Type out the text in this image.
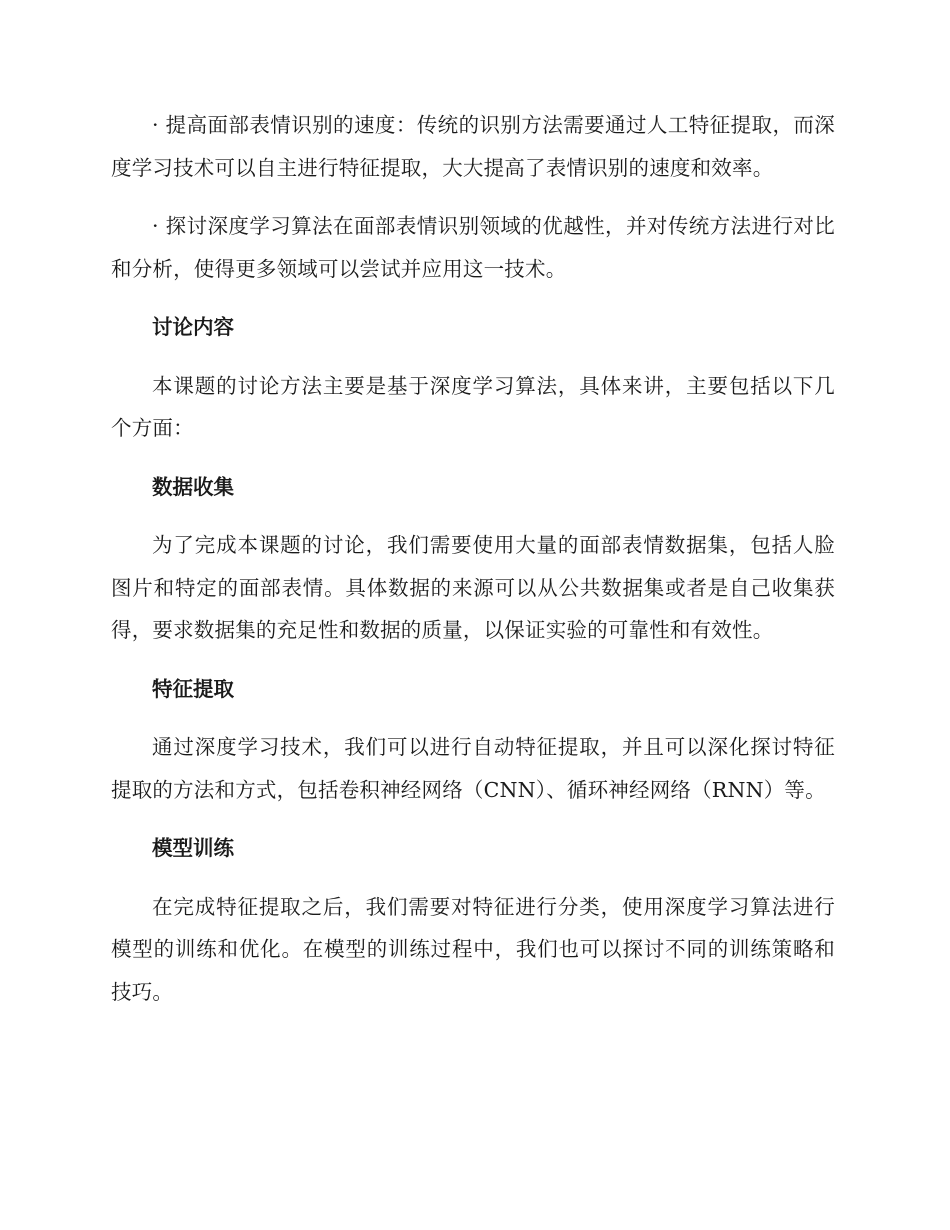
· 提高面部表情识别的速度：传统的识别方法需要通过人工特征提取，而深度学习技术可以自主进行特征提取，大大提高了表情识别的速度和效率。

· 探讨深度学习算法在面部表情识别领域的优越性，并对传统方法进行对比和分析，使得更多领域可以尝试并应用这一技术。

讨论内容

本课题的讨论方法主要是基于深度学习算法，具体来讲，主要包括以下几个方面：

数据收集

为了完成本课题的讨论，我们需要使用大量的面部表情数据集，包括人脸图片和特定的面部表情。具体数据的来源可以从公共数据集或者是自己收集获得，要求数据集的充足性和数据的质量，以保证实验的可靠性和有效性。

特征提取

通过深度学习技术，我们可以进行自动特征提取，并且可以深化探讨特征提取的方法和方式，包括卷积神经网络（CNN）、循环神经网络（RNN）等。

模型训练

在完成特征提取之后，我们需要对特征进行分类，使用深度学习算法进行模型的训练和优化。在模型的训练过程中，我们也可以探讨不同的训练策略和技巧。
